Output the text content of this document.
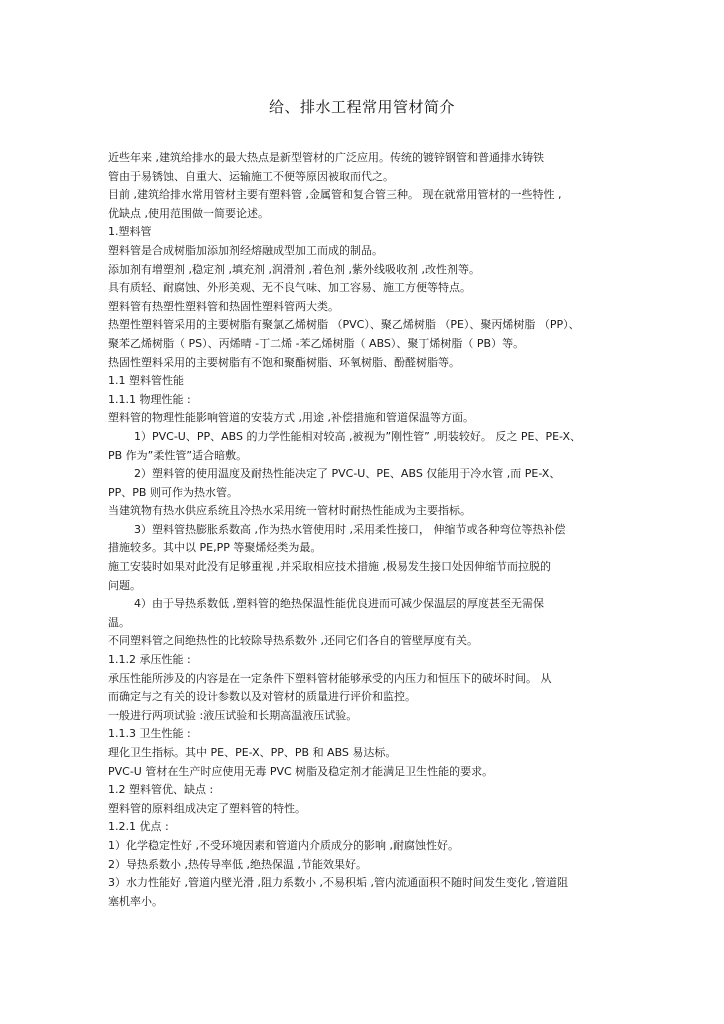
给、排水工程常用管材简介
近些年来 ,建筑给排水的最大热点是新型管材的广泛应用。传统的镀锌钢管和普通排水铸铁
管由于易锈蚀、自重大、运输施工不便等原因被取而代之。
目前 ,建筑给排水常用管材主要有塑料管 ,金属管和复合管三种。 现在就常用管材的一些特性 ,
优缺点 ,使用范围做一简要论述。
1.塑料管
塑料管是合成树脂加添加剂经熔融成型加工而成的制品。
添加剂有增塑剂 ,稳定剂 ,填充剂 ,润滑剂 ,着色剂 ,紫外线吸收剂 ,改性剂等。
具有质轻、耐腐蚀、外形美观、无不良气味、加工容易、施工方便等特点。
塑料管有热塑性塑料管和热固性塑料管两大类。
热塑性塑料管采用的主要树脂有聚氯乙烯树脂 （PVC）、聚乙烯树脂 （PE）、聚丙烯树脂 （PP）、
聚苯乙烯树脂（ PS）、丙烯晴 -丁二烯 -苯乙烯树脂（ ABS）、聚丁烯树脂（ PB）等。
热固性塑料采用的主要树脂有不饱和聚酯树脂、环氧树脂、酚醛树脂等。
1.1 塑料管性能
1.1.1 物理性能 :
塑料管的物理性能影响管道的安装方式 ,用途 ,补偿措施和管道保温等方面。
1）PVC-U、PP、ABS 的力学性能相对较高 ,被视为”刚性管” ,明装较好。 反之 PE、PE-X、
PB 作为”柔性管”适合暗敷。
2）塑料管的使用温度及耐热性能决定了 PVC-U、PE、ABS 仅能用于冷水管 ,而 PE-X、
PP、PB 则可作为热水管。
当建筑物有热水供应系统且冷热水采用统一管材时耐热性能成为主要指标。
3）塑料管热膨胀系数高 ,作为热水管使用时 ,采用柔性接口， 伸缩节或各种弯位等热补偿
措施较多。其中以 PE,PP 等聚烯烃类为最。
施工安装时如果对此没有足够重视 ,并采取相应技术措施 ,极易发生接口处因伸缩节而拉脱的
问题。
4）由于导热系数低 ,塑料管的绝热保温性能优良进而可减少保温层的厚度甚至无需保
温。
不同塑料管之间绝热性的比较除导热系数外 ,还同它们各自的管壁厚度有关。
1.1.2 承压性能 :
承压性能所涉及的内容是在一定条件下塑料管材能够承受的内压力和恒压下的破坏时间。 从
而确定与之有关的设计参数以及对管材的质量进行评价和监控。
一般进行两项试验 :液压试验和长期高温液压试验。
1.1.3 卫生性能 :
理化卫生指标。其中 PE、PE-X、PP、PB 和 ABS 易达标。
PVC-U 管材在生产时应使用无毒 PVC 树脂及稳定剂才能满足卫生性能的要求。
1.2 塑料管优、缺点 :
塑料管的原料组成决定了塑料管的特性。
1.2.1 优点 :
1）化学稳定性好 ,不受环境因素和管道内介质成分的影响 ,耐腐蚀性好。
2）导热系数小 ,热传导率低 ,绝热保温 ,节能效果好。
3）水力性能好 ,管道内壁光滑 ,阻力系数小 ,不易积垢 ,管内流通面积不随时间发生变化 ,管道阻
塞机率小。
